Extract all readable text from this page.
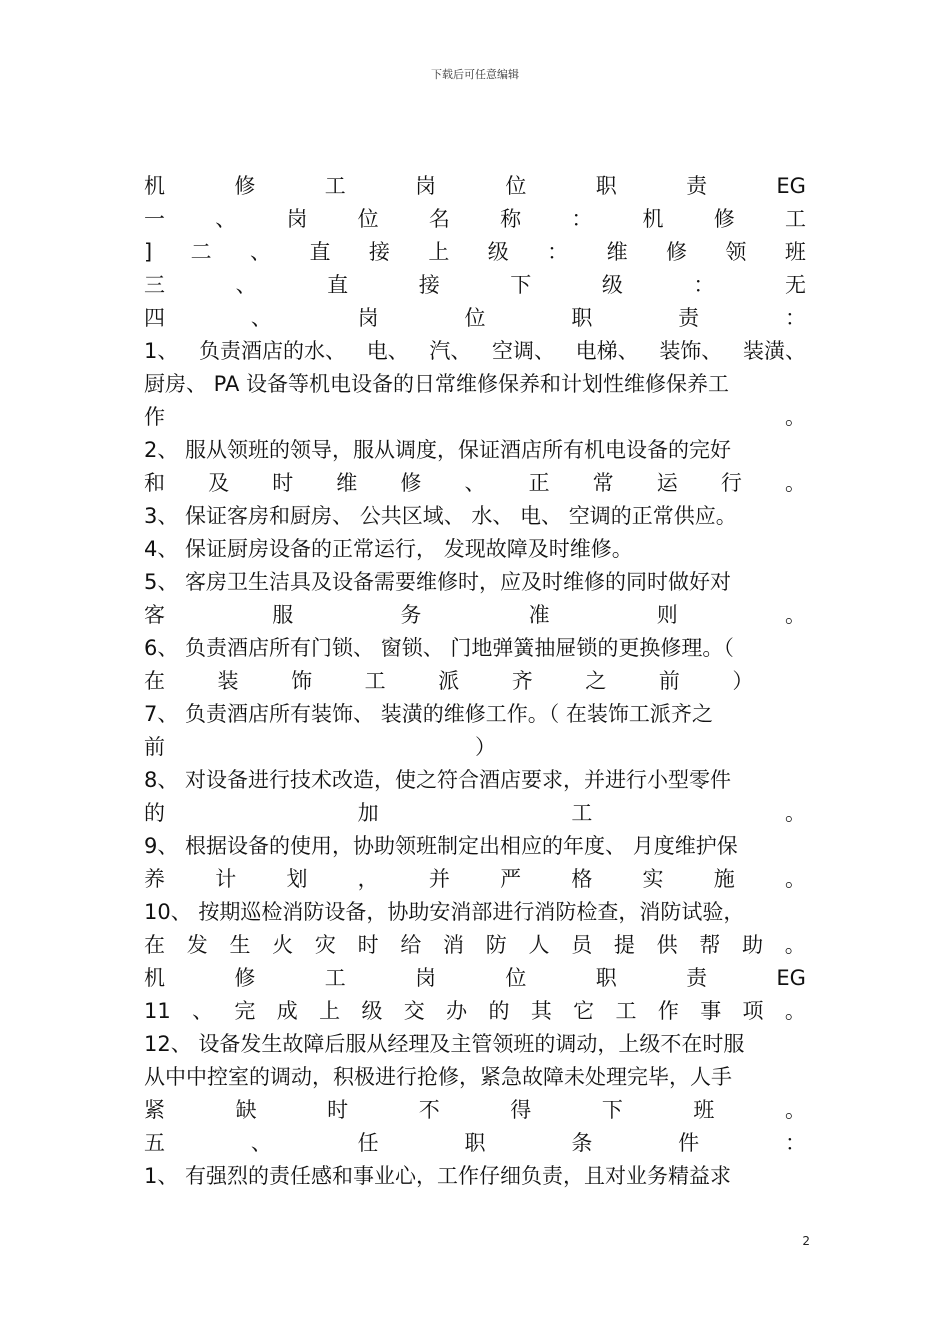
下载后可任意编辑
机	修	工	岗	位	职	责	EG
一 、 岗 位 名 称 ： 机 修 工
] 二 、 直 接 上 级 ： 维 修 领 班
三	、	直	接	下	级	：	无
四	、	岗	位	职	责	：
1、 负责酒店的水、 电、 汽、 空调、 电梯、 装饰、 装潢、
厨房、 PA 设备等机电设备的日常维修保养和计划性维修保养工
作	。
2、 服从领班的领导，服从调度，保证酒店所有机电设备的完好
和 及 时 维 修 、 正 常 运 行 。
3、 保证客房和厨房、 公共区域、 水、 电、 空调的正常供应。
4、 保证厨房设备的正常运行， 发现故障及时维修。
5、 客房卫生洁具及设备需要维修时，应及时维修的同时做好对
客	服	务	准	则	。
6、 负责酒店所有门锁、 窗锁、 门地弹簧抽屉锁的更换修理。（
在	装	饰	工	派	齐	之	前	）
7、 负责酒店所有装饰、 装潢的维修工作。（ 在装饰工派齐之
前	）
8、 对设备进行技术改造，使之符合酒店要求，并进行小型零件
的	加	工	。
9、 根据设备的使用，协助领班制定出相应的年度、 月度维护保
养 计 划 ， 并 严 格 实 施 。
10、 按期巡检消防设备，协助安消部进行消防检查，消防试验，
在 发 生 火 灾 时 给 消 防 人 员 提 供 帮 助 。
机	修	工	岗	位	职	责	EG
11 、 完 成 上 级 交 办 的 其 它 工 作 事 项 。
12、 设备发生故障后服从经理及主管领班的调动，上级不在时服
从中中控室的调动，积极进行抢修，紧急故障未处理完毕，人手
紧	缺	时	不	得	下	班	。
五	、	任	职	条	件	：
1、 有强烈的责任感和事业心，工作仔细负责，且对业务精益求
2
